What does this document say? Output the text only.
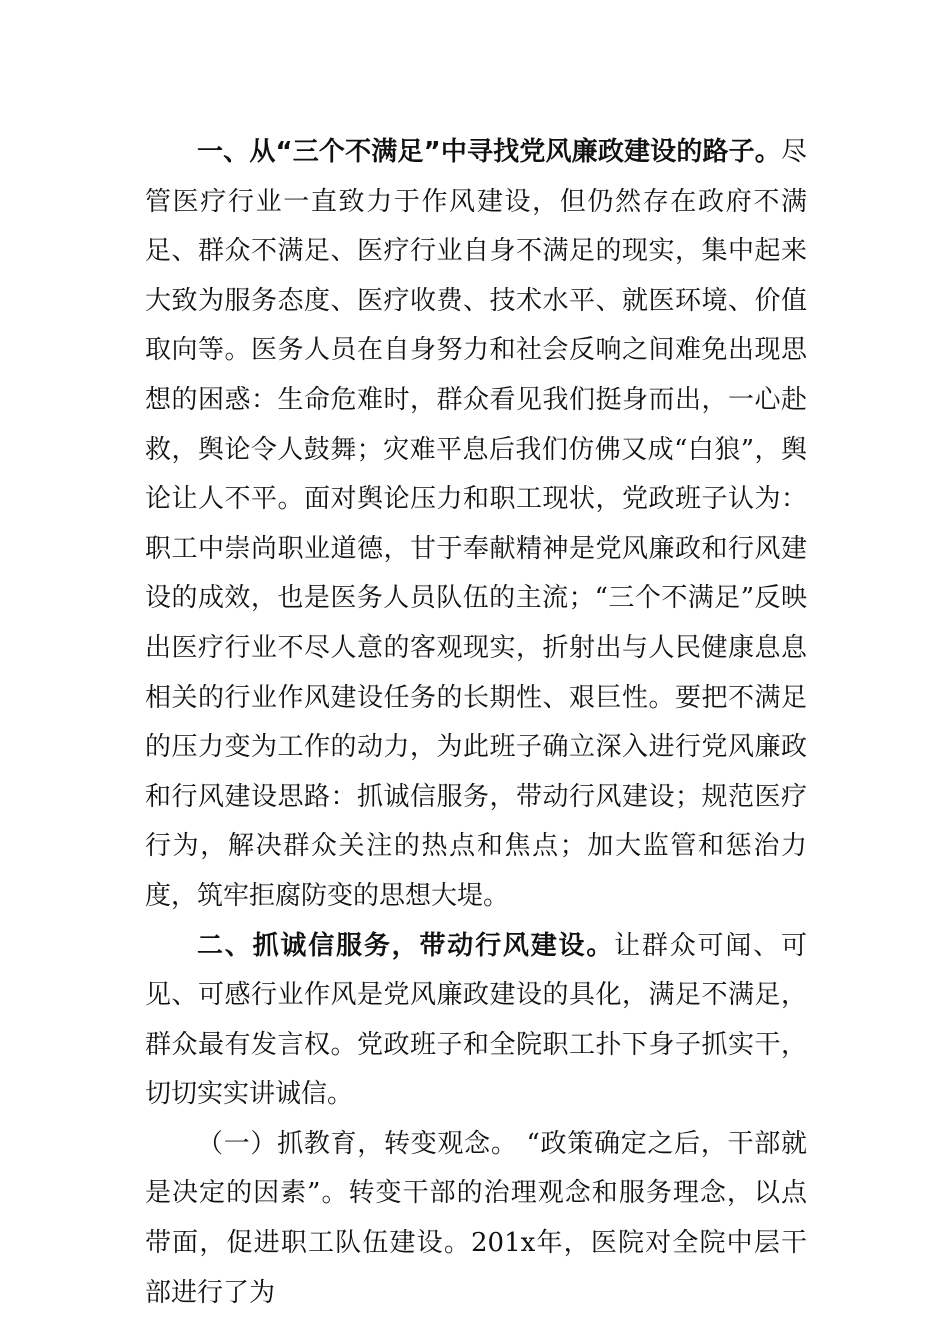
一、从“三个不满足”中寻找党风廉政建设的路子。尽管医疗行业一直致力于作风建设，但仍然存在政府不满足、群众不满足、医疗行业自身不满足的现实，集中起来大致为服务态度、医疗收费、技术水平、就医环境、价值取向等。医务人员在自身努力和社会反响之间难免出现思想的困惑：生命危难时，群众看见我们挺身而出，一心赴救，舆论令人鼓舞；灾难平息后我们仿佛又成“白狼”，舆论让人不平。面对舆论压力和职工现状，党政班子认为：职工中崇尚职业道德，甘于奉献精神是党风廉政和行风建设的成效，也是医务人员队伍的主流；“三个不满足”反映出医疗行业不尽人意的客观现实，折射出与人民健康息息相关的行业作风建设任务的长期性、艰巨性。要把不满足的压力变为工作的动力，为此班子确立深入进行党风廉政和行风建设思路：抓诚信服务，带动行风建设；规范医疗行为，解决群众关注的热点和焦点；加大监管和惩治力度，筑牢拒腐防变的思想大堤。

二、抓诚信服务，带动行风建设。让群众可闻、可见、可感行业作风是党风廉政建设的具化，满足不满足，群众最有发言权。党政班子和全院职工扑下身子抓实干，切切实实讲诚信。

（一）抓教育，转变观念。 “政策确定之后，干部就是决定的因素”。转变干部的治理观念和服务理念，以点带面，促进职工队伍建设。201x年，医院对全院中层干部进行了为
